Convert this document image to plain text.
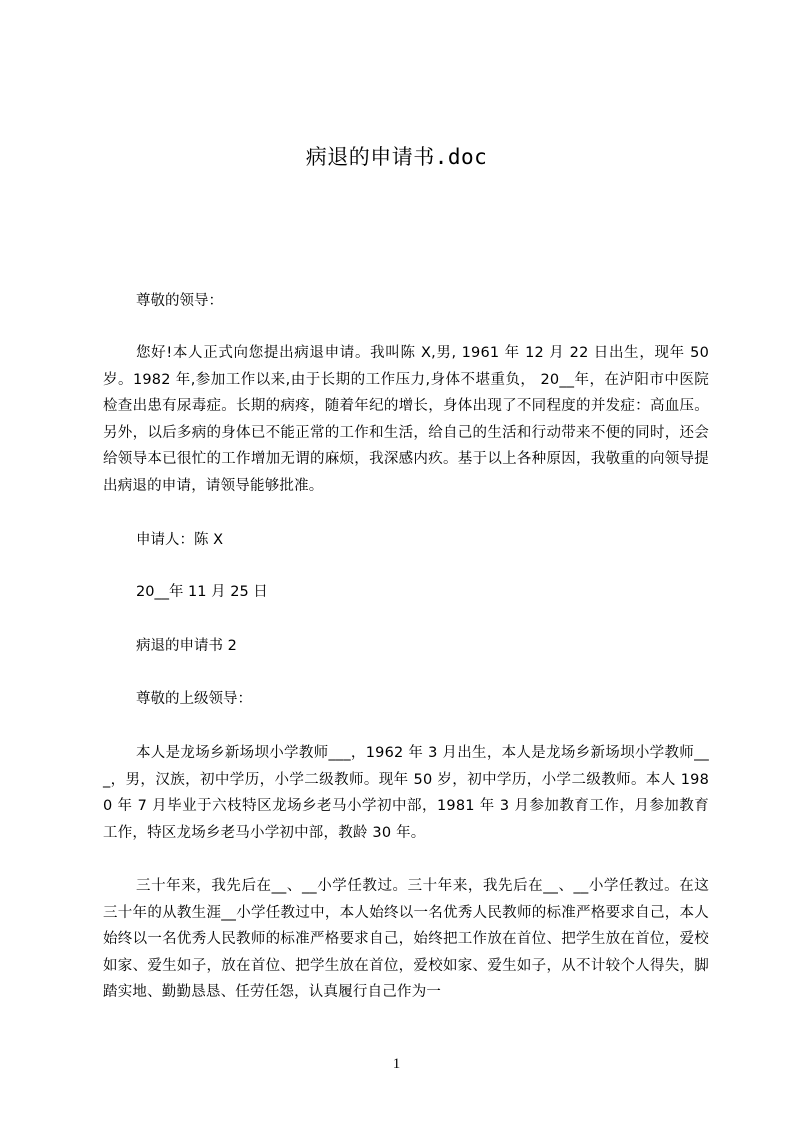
病退的申请书.doc
尊敬的领导：
您好!本人正式向您提出病退申请。我叫陈 X,男, 1961 年 12 月 22 日出生，现年 50 岁。1982 年,参加工作以来,由于长期的工作压力,身体不堪重负， 20__年，在泸阳市中医院检查出患有尿毒症。长期的病疼，随着年纪的增长，身体出现了不同程度的并发症：高血压。另外，以后多病的身体已不能正常的工作和生活，给自己的生活和行动带来不便的同时，还会给领导本已很忙的工作增加无谓的麻烦，我深感内疚。基于以上各种原因，我敬重的向领导提出病退的申请，请领导能够批准。
申请人：陈 X
20__年 11 月 25 日
病退的申请书 2
尊敬的上级领导：
本人是龙场乡新场坝小学教师___，1962 年 3 月出生，本人是龙场乡新场坝小学教师___，男，汉族，初中学历，小学二级教师。现年 50 岁，初中学历，小学二级教师。本人 1980 年 7 月毕业于六枝特区龙场乡老马小学初中部，1981 年 3 月参加教育工作，月参加教育工作，特区龙场乡老马小学初中部，教龄 30 年。
三十年来，我先后在__、__小学任教过。三十年来，我先后在__、__小学任教过。在这三十年的从教生涯__小学任教过中，本人始终以一名优秀人民教师的标准严格要求自己，本人始终以一名优秀人民教师的标准严格要求自己，始终把工作放在首位、把学生放在首位，爱校如家、爱生如子，放在首位、把学生放在首位，爱校如家、爱生如子，从不计较个人得失，脚踏实地、勤勤恳恳、任劳任怨，认真履行自己作为一
1
